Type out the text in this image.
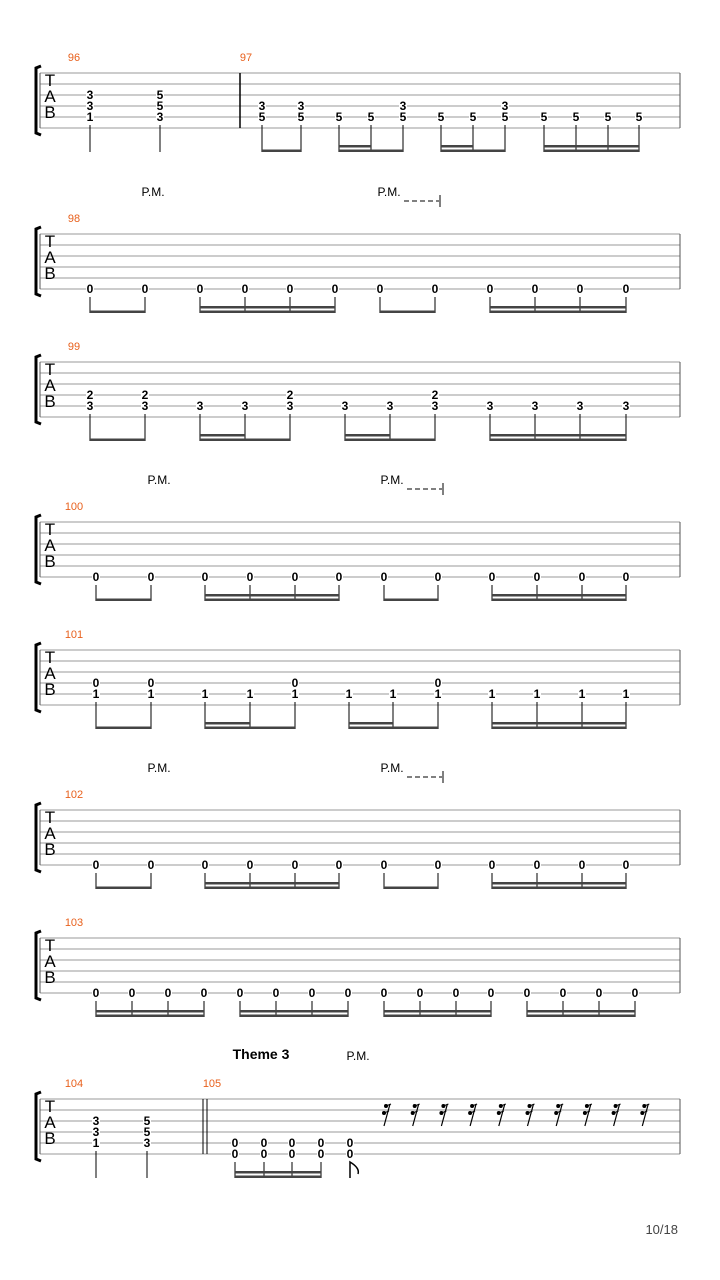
T
A
B
96
3
3
1
5
5
3
97
3
5
3
5	5 5
3
5	5 5
3
5	5 5 5 5
T
A
B
P.M.	P.M.
98
0	0	0	0	0	0	0	0	0	0	0	0
T
A
B
99
2
3
2
3	3	3
2
3	3	3
2
3	3	3	3	3
T
A
B
P.M.	P.M.
100
0	0	0	0	0	0	0	0	0	0	0	0
T
A
B
101
0
1
0
1	1	1
0
1	1	1
0
1	1	1	1	1
T
A
B
P.M.	P.M.
102
0	0	0	0	0	0	0	0	0	0	0	0
T
A
B
103
0 0 0 0 0 0 0 0 0 0 0 0 0 0 0 0
T
A
B
P.M.
Theme 3
104
3
3
1
5
5
3
105
0
0
0
0
0
0
0
0
0
0
10/18
